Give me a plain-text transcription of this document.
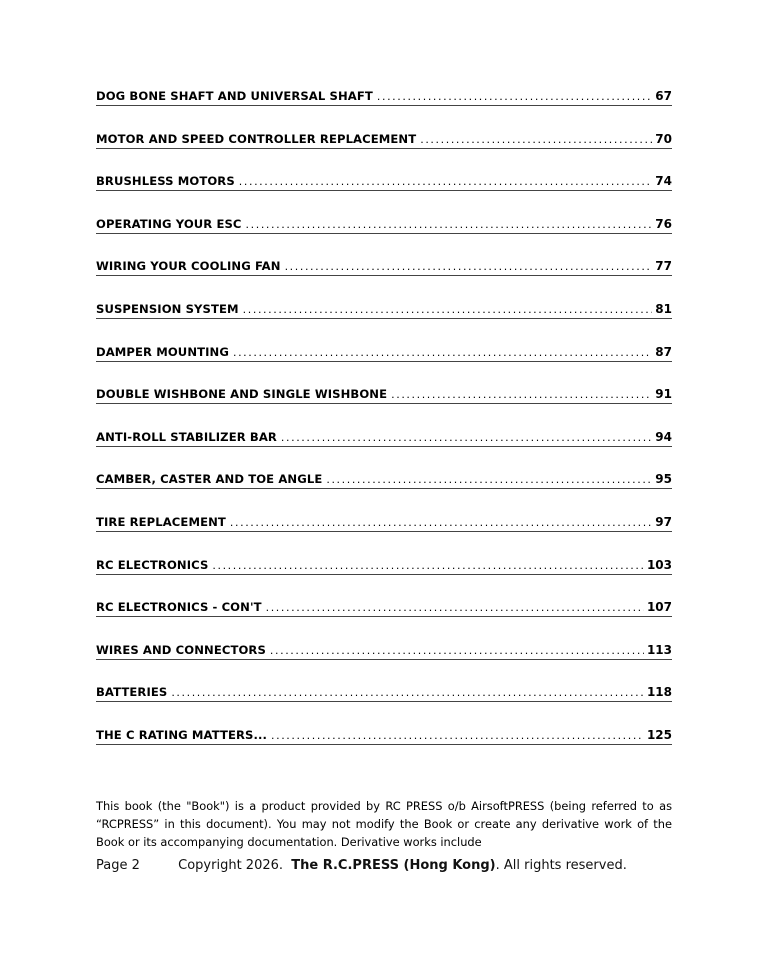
DOG BONE SHAFT AND UNIVERSAL SHAFT .....	67
MOTOR AND SPEED CONTROLLER REPLACEMENT .....	70
BRUSHLESS MOTORS .....	74
OPERATING YOUR ESC .....	76
WIRING YOUR COOLING FAN .....	77
SUSPENSION SYSTEM .....	81
DAMPER MOUNTING .....	87
DOUBLE WISHBONE AND SINGLE WISHBONE .....	91
ANTI-ROLL STABILIZER BAR .....	94
CAMBER, CASTER AND TOE ANGLE .....	95
TIRE REPLACEMENT .....	97
RC ELECTRONICS .....	103
RC ELECTRONICS - CON'T .....	107
WIRES AND CONNECTORS .....	113
BATTERIES .....	118
THE C RATING MATTERS... .....	125

This book (the "Book") is a product provided by RC PRESS o/b AirsoftPRESS (being referred to as “RCPRESS” in this document). You may not modify the Book or create any derivative work of the Book or its accompanying documentation. Derivative works include

Page 2	Copyright 2026. The R.C.PRESS (Hong Kong). All rights reserved.
